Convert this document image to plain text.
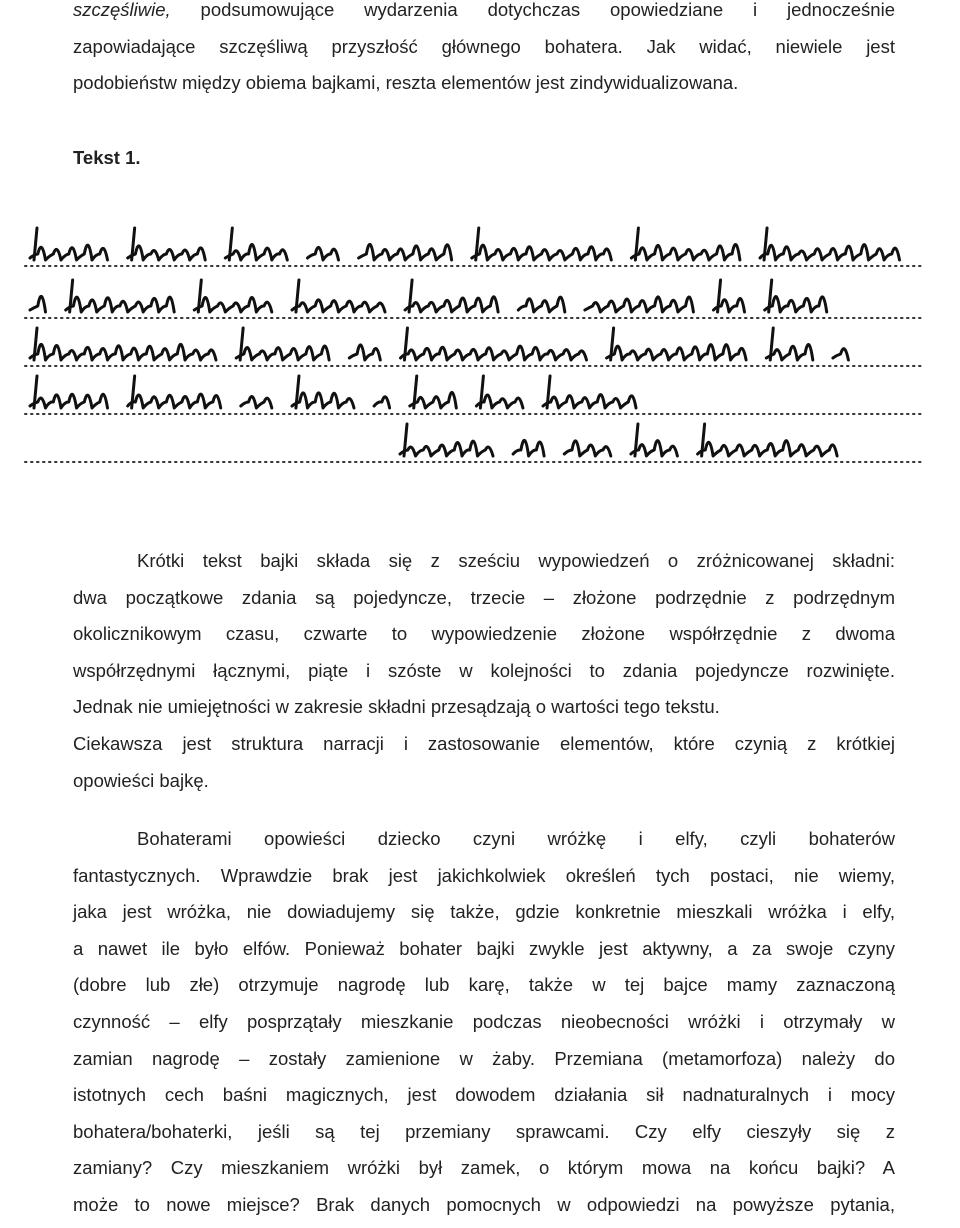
szczęśliwie, podsumowujące wydarzenia dotychczas opowiedziane i jednocześnie
zapowiadające szczęśliwą przyszłość głównego bohatera. Jak widać, niewiele jest
podobieństw między obiema bajkami, reszta elementów jest zindywidualizowana.
Tekst 1.
Krótki tekst bajki składa się z sześciu wypowiedzeń o zróżnicowanej składni:
dwa początkowe zdania są pojedyncze, trzecie – złożone podrzędnie z podrzędnym
okolicznikowym czasu, czwarte to wypowiedzenie złożone współrzędnie z dwoma
współrzędnymi łącznymi, piąte i szóste w kolejności to zdania pojedyncze rozwinięte.
Jednak nie umiejętności w zakresie składni przesądzają o wartości tego tekstu.
Ciekawsza jest struktura narracji i zastosowanie elementów, które czynią z krótkiej
opowieści bajkę.
Bohaterami opowieści dziecko czyni wróżkę i elfy, czyli bohaterów
fantastycznych. Wprawdzie brak jest jakichkolwiek określeń tych postaci, nie wiemy,
jaka jest wróżka, nie dowiadujemy się także, gdzie konkretnie mieszkali wróżka i elfy,
a nawet ile było elfów. Ponieważ bohater bajki zwykle jest aktywny, a za swoje czyny
(dobre lub złe) otrzymuje nagrodę lub karę, także w tej bajce mamy zaznaczoną
czynność – elfy posprzątały mieszkanie podczas nieobecności wróżki i otrzymały w
zamian nagrodę – zostały zamienione w żaby. Przemiana (metamorfoza) należy do
istotnych cech baśni magicznych, jest dowodem działania sił nadnaturalnych i mocy
bohatera/bohaterki, jeśli są tej przemiany sprawcami. Czy elfy cieszyły się z
zamiany? Czy mieszkaniem wróżki był zamek, o którym mowa na końcu bajki? A
może to nowe miejsce? Brak danych pomocnych w odpowiedzi na powyższe pytania,
